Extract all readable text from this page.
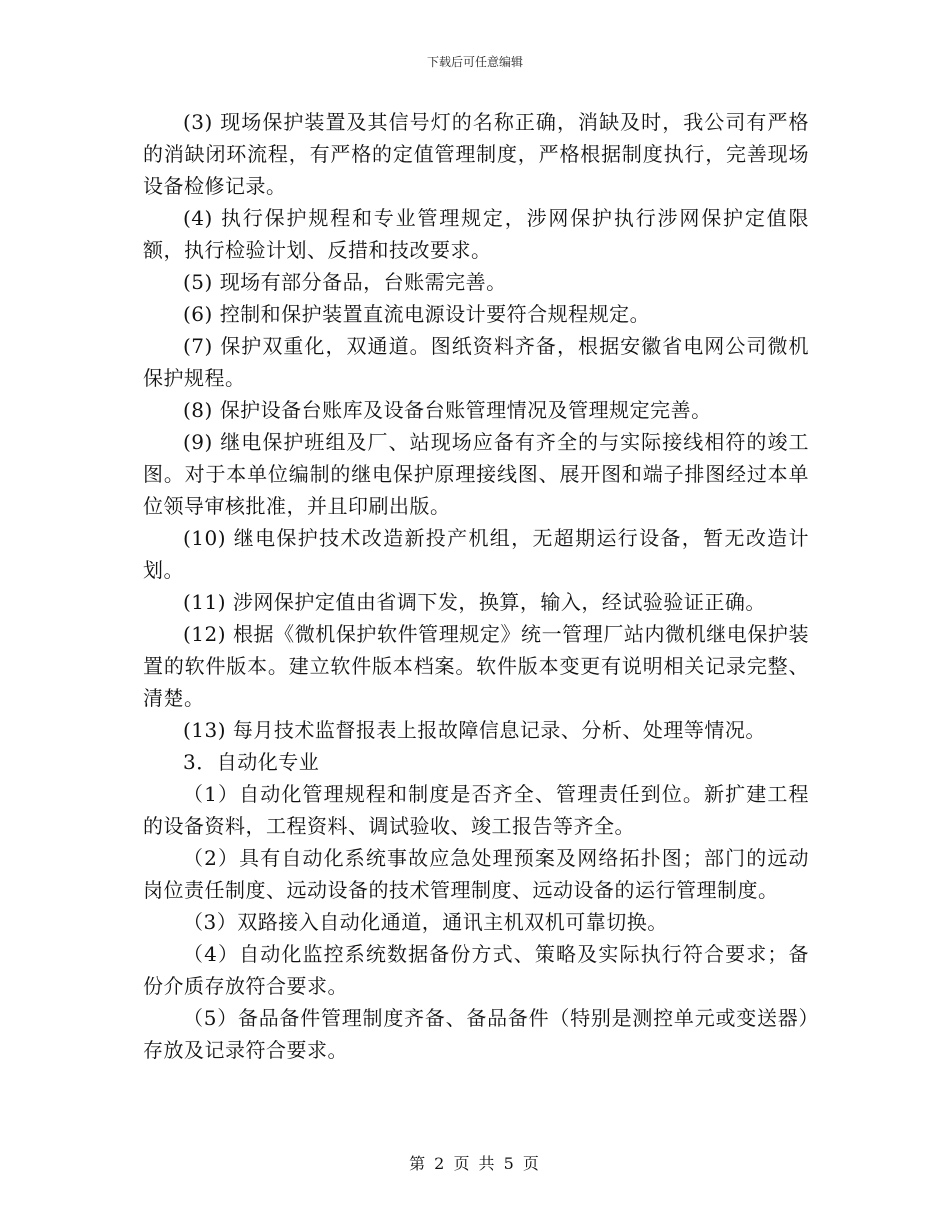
下载后可任意编辑

(3) 现场保护装置及其信号灯的名称正确，消缺及时，我公司有严格的消缺闭环流程，有严格的定值管理制度，严格根据制度执行，完善现场设备检修记录。

(4) 执行保护规程和专业管理规定，涉网保护执行涉网保护定值限额，执行检验计划、反措和技改要求。

(5) 现场有部分备品，台账需完善。

(6) 控制和保护装置直流电源设计要符合规程规定。

(7) 保护双重化，双通道。图纸资料齐备，根据安徽省电网公司微机保护规程。

(8) 保护设备台账库及设备台账管理情况及管理规定完善。

(9) 继电保护班组及厂、站现场应备有齐全的与实际接线相符的竣工图。对于本单位编制的继电保护原理接线图、展开图和端子排图经过本单位领导审核批准，并且印刷出版。

(10) 继电保护技术改造新投产机组，无超期运行设备，暂无改造计划。

(11) 涉网保护定值由省调下发，换算，输入，经试验验证正确。

(12) 根据《微机保护软件管理规定》统一管理厂站内微机继电保护装置的软件版本。建立软件版本档案。软件版本变更有说明相关记录完整、清楚。

(13) 每月技术监督报表上报故障信息记录、分析、处理等情况。

3．自动化专业

（1）自动化管理规程和制度是否齐全、管理责任到位。新扩建工程的设备资料，工程资料、调试验收、竣工报告等齐全。

（2）具有自动化系统事故应急处理预案及网络拓扑图；部门的远动岗位责任制度、远动设备的技术管理制度、远动设备的运行管理制度。

（3）双路接入自动化通道，通讯主机双机可靠切换。

（4）自动化监控系统数据备份方式、策略及实际执行符合要求；备份介质存放符合要求。

（5）备品备件管理制度齐备、备品备件（特别是测控单元或变送器）存放及记录符合要求。

第 2 页 共 5 页
